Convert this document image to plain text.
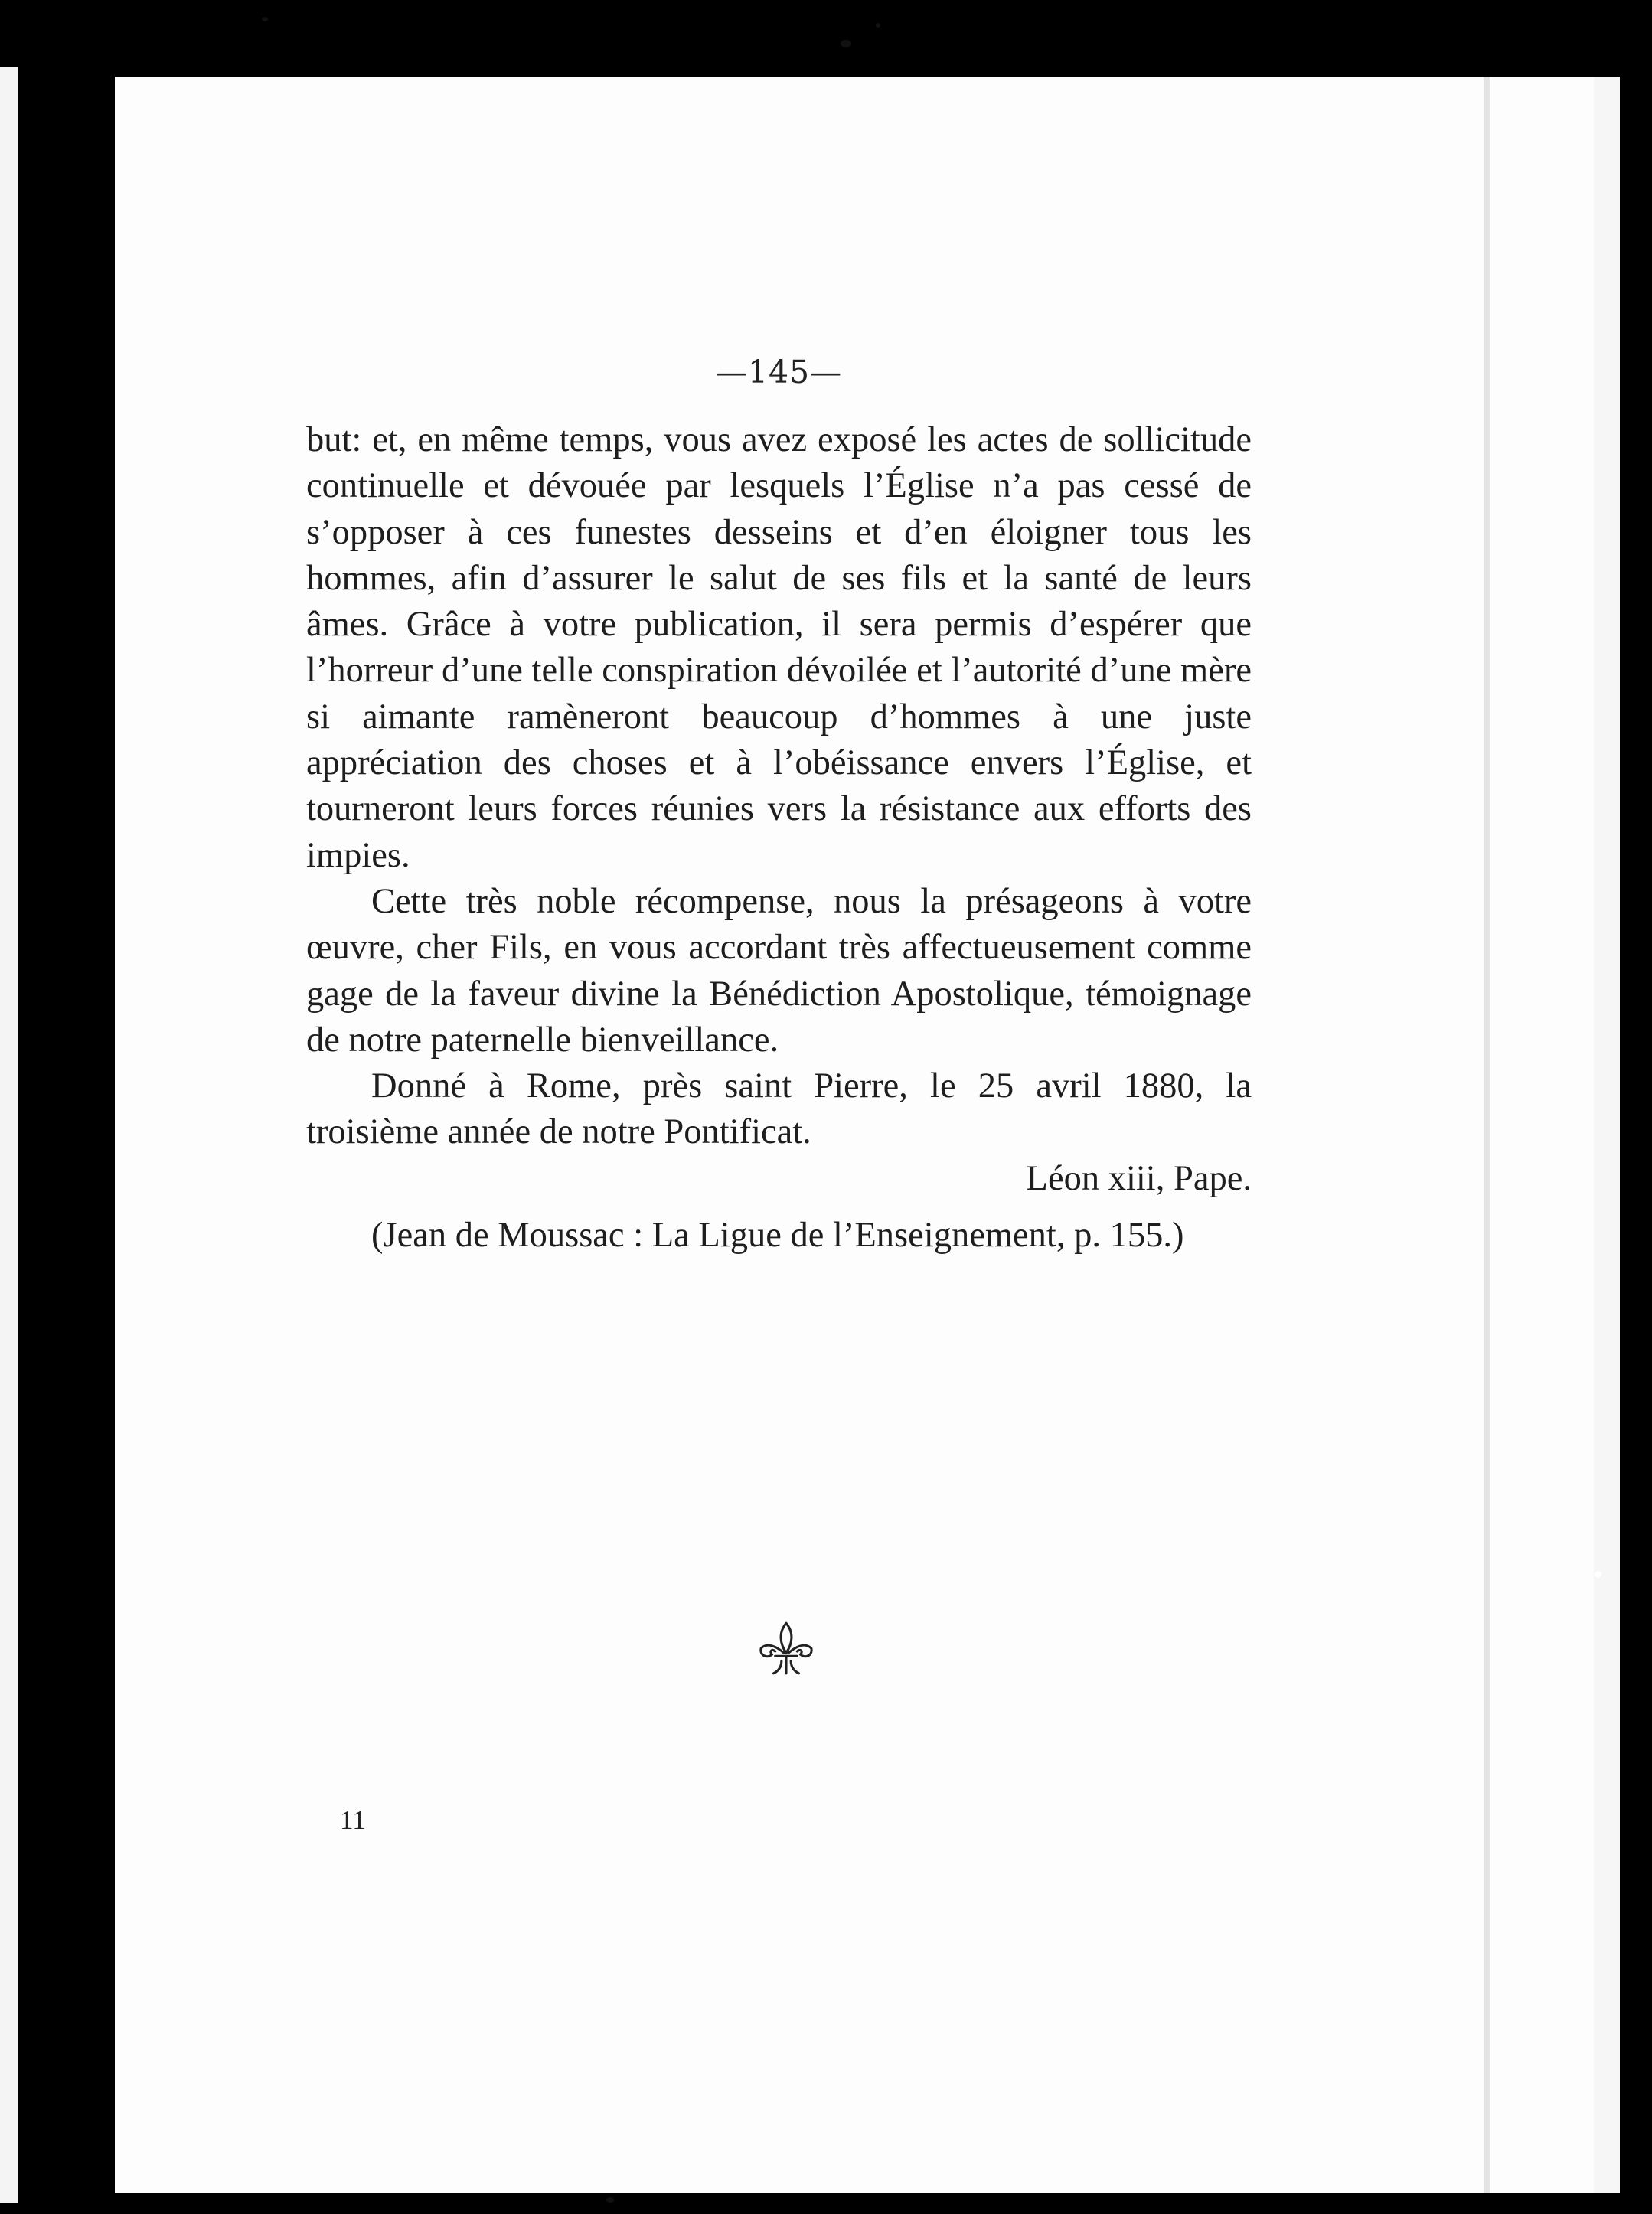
—145—

but: et, en même temps, vous avez exposé les actes de sollicitude continuelle et dévouée par lesquels l’Église n’a pas cessé de s’opposer à ces funestes desseins et d’en éloigner tous les hommes, afin d’assurer le salut de ses fils et la santé de leurs âmes. Grâce à votre publication, il sera permis d’espérer que l’horreur d’une telle conspiration dévoilée et l’autorité d’une mère si aimante ramèneront beaucoup d’hommes à une juste appréciation des choses et à l’obéissance envers l’Église, et tourneront leurs forces réunies vers la résistance aux efforts des impies.

Cette très noble récompense, nous la présageons à votre œuvre, cher Fils, en vous accordant très affectueusement comme gage de la faveur divine la Bénédiction Apostolique, témoignage de notre paternelle bienveillance.

Donné à Rome, près saint Pierre, le 25 avril 1880, la troisième année de notre Pontificat.

Léon xiii, Pape.

(Jean de Moussac : La Ligue de l’Enseignement, p. 155.)

11
